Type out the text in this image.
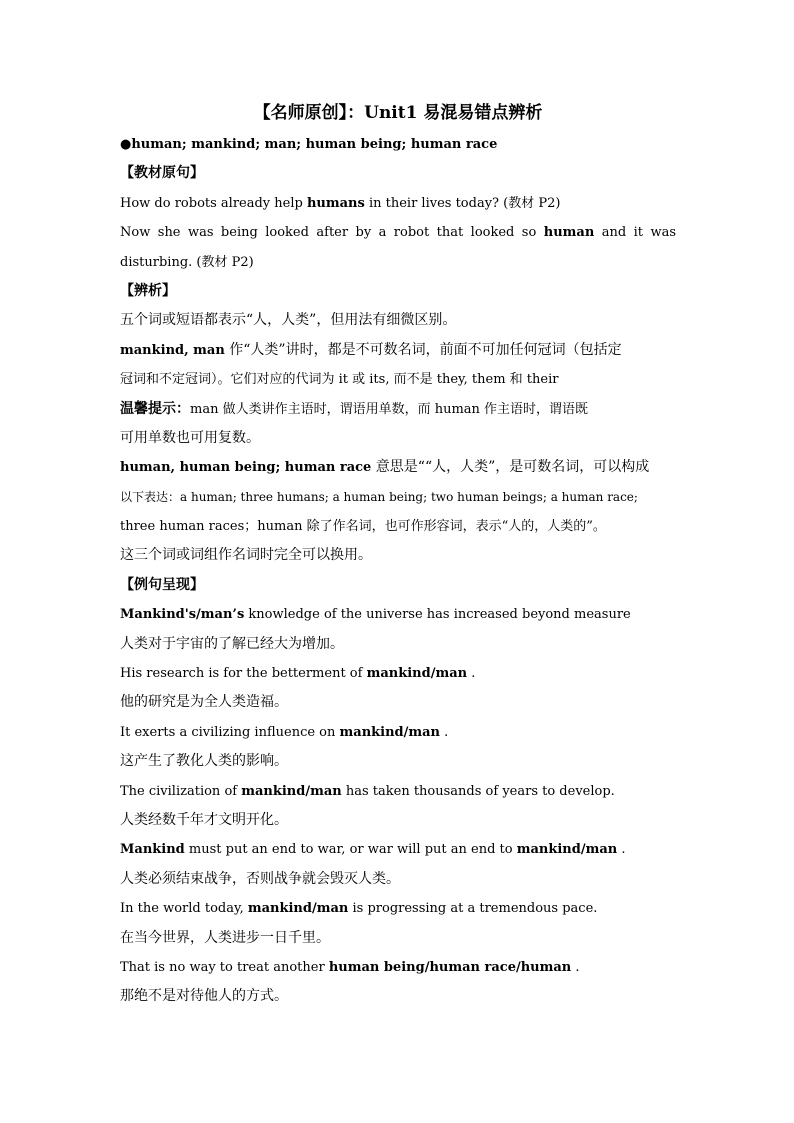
【名师原创】：Unit1 易混易错点辨析
●human; mankind; man; human being; human race
【教材原句】
How do robots already help humans in their lives today? (教材 P2)
Now she was being looked after by a robot that looked so human and it was
disturbing. (教材 P2)
【辨析】
五个词或短语都表示“人，人类”，但用法有细微区别。
mankind, man 作“人类”讲时，都是不可数名词，前面不可加任何冠词（包括定
冠词和不定冠词）。它们对应的代词为 it 或 its, 而不是 they, them 和 their
温馨提示：man 做人类讲作主语时，谓语用单数，而 human 作主语时，谓语既
可用单数也可用复数。
human, human being; human race 意思是““人，人类”，是可数名词，可以构成
以下表达：a human; three humans; a human being; two human beings; a human race;
three human races；human 除了作名词，也可作形容词，表示“人的，人类的”。
这三个词或词组作名词时完全可以换用。
【例句呈现】
Mankind's/man’s knowledge of the universe has increased beyond measure
人类对于宇宙的了解已经大为增加。
His research is for the betterment of mankind/man .
他的研究是为全人类造福。
It exerts a civilizing influence on mankind/man .
这产生了教化人类的影响。
The civilization of mankind/man has taken thousands of years to develop.
人类经数千年才文明开化。
Mankind must put an end to war, or war will put an end to mankind/man .
人类必须结束战争，否则战争就会毁灭人类。
In the world today, mankind/man is progressing at a tremendous pace.
在当今世界，人类进步一日千里。
That is no way to treat another human being/human race/human .
那绝不是对待他人的方式。
